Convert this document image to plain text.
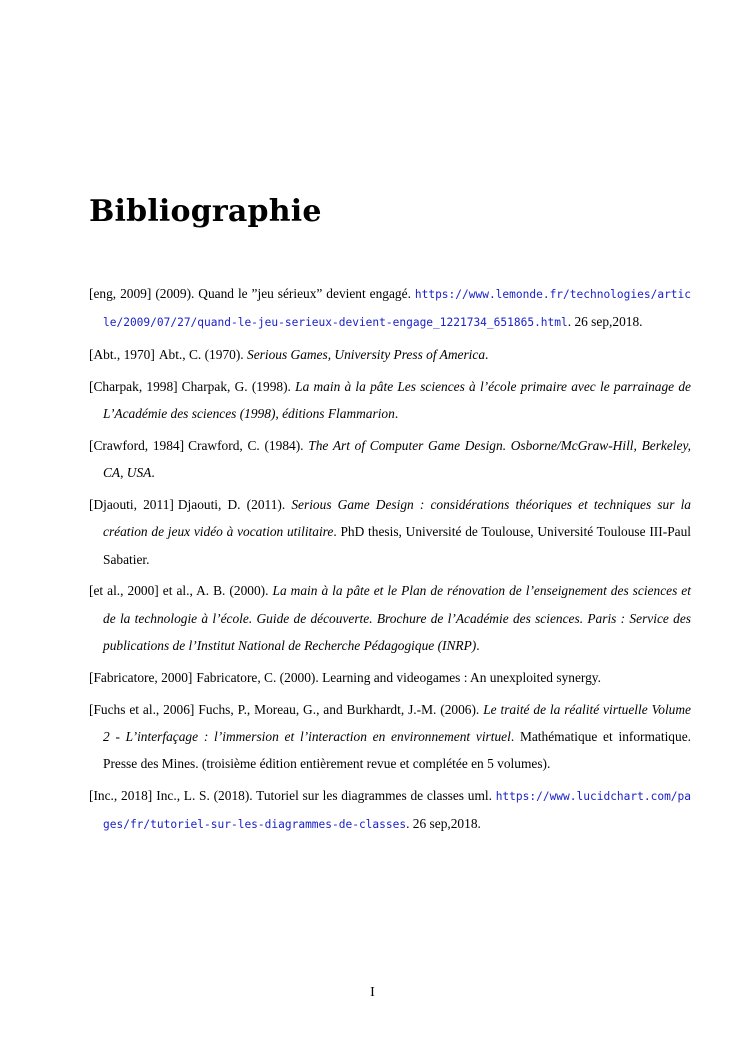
Bibliographie
[eng, 2009] (2009). Quand le ”jeu sérieux” devient engagé. https://www.lemonde.fr/technologies/article/2009/07/27/quand-le-jeu-serieux-devient-engage_1221734_651865.html. 26 sep,2018.
[Abt., 1970] Abt., C. (1970). Serious Games, University Press of America.
[Charpak, 1998] Charpak, G. (1998). La main à la pâte Les sciences à l’école primaire avec le parrainage de L’Académie des sciences (1998), éditions Flammarion.
[Crawford, 1984] Crawford, C. (1984). The Art of Computer Game Design. Osborne/McGraw-Hill, Berkeley, CA, USA.
[Djaouti, 2011] Djaouti, D. (2011). Serious Game Design : considérations théoriques et techniques sur la création de jeux vidéo à vocation utilitaire. PhD thesis, Université de Toulouse, Université Toulouse III-Paul Sabatier.
[et al., 2000] et al., A. B. (2000). La main à la pâte et le Plan de rénovation de l’enseignement des sciences et de la technologie à l’école. Guide de découverte. Brochure de l’Académie des sciences. Paris : Service des publications de l’Institut National de Recherche Pédagogique (INRP).
[Fabricatore, 2000] Fabricatore, C. (2000). Learning and videogames : An unexploited synergy.
[Fuchs et al., 2006] Fuchs, P., Moreau, G., and Burkhardt, J.-M. (2006). Le traité de la réalité virtuelle Volume 2 - L’interfaçage : l’immersion et l’interaction en environnement virtuel. Mathématique et informatique. Presse des Mines. (troisième édition entièrement revue et complétée en 5 volumes).
[Inc., 2018] Inc., L. S. (2018). Tutoriel sur les diagrammes de classes uml. https://www.lucidchart.com/pages/fr/tutoriel-sur-les-diagrammes-de-classes. 26 sep,2018.
I
